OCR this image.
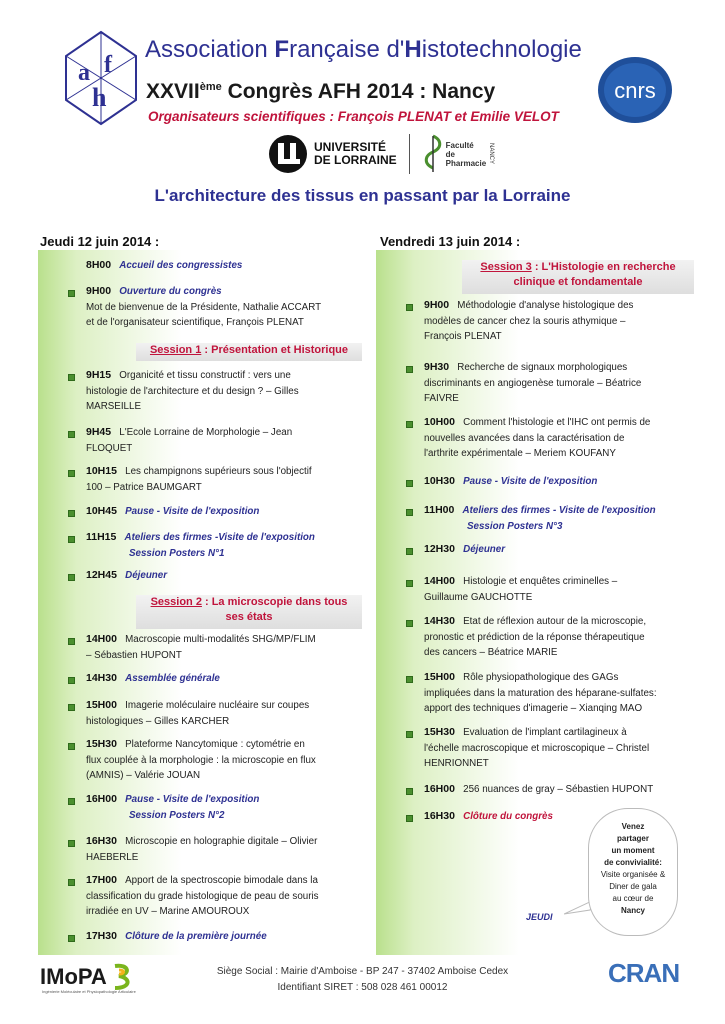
a f
h
Association Française d'Histotechnologie
XXVIIème Congrès AFH 2014 : Nancy
Organisateurs scientifiques : François PLENAT et Emilie VELOT
cnrs
UNIVERSITÉ
DE LORRAINE
Faculté
de
Pharmacie NANCY
L'architecture des tissus en passant par la Lorraine
Jeudi 12 juin 2014 :
8H00 Accueil des congressistes
9H00 Ouverture du congrès
Mot de bienvenue de la Présidente, Nathalie ACCART
et de l'organisateur scientifique, François PLENAT
Session 1 : Présentation et Historique
9H15 Organicité et tissu constructif : vers une
histologie de l'architecture et du design ? – Gilles
MARSEILLE
9H45 L'Ecole Lorraine de Morphologie – Jean
FLOQUET
10H15 Les champignons supérieurs sous l'objectif
100 – Patrice BAUMGART
10H45 Pause - Visite de l'exposition
11H15 Ateliers des firmes -Visite de l'exposition
Session Posters N°1
12H45 Déjeuner
Session 2 : La microscopie dans tous
ses états
14H00 Macroscopie multi-modalités SHG/MP/FLIM
– Sébastien HUPONT
14H30 Assemblée générale
15H00 Imagerie moléculaire nucléaire sur coupes
histologiques – Gilles KARCHER
15H30 Plateforme Nancytomique : cytométrie en
flux couplée à la morphologie : la microscopie en flux
(AMNIS) – Valérie JOUAN
16H00 Pause - Visite de l'exposition
Session Posters N°2
16H30 Microscopie en holographie digitale – Olivier
HAEBERLE
17H00 Apport de la spectroscopie bimodale dans la
classification du grade histologique de peau de souris
irradiée en UV – Marine AMOUROUX
17H30 Clôture de la première journée
Vendredi 13 juin 2014 :
Session 3 : L'Histologie en recherche
clinique et fondamentale
9H00 Méthodologie d'analyse histologique des
modèles de cancer chez la souris athymique –
François PLENAT
9H30 Recherche de signaux morphologiques
discriminants en angiogenèse tumorale – Béatrice
FAIVRE
10H00 Comment l'histologie et l'IHC ont permis de
nouvelles avancées dans la caractérisation de
l'arthrite expérimentale – Meriem KOUFANY
10H30 Pause - Visite de l'exposition
11H00 Ateliers des firmes - Visite de l'exposition
Session Posters N°3
12H30 Déjeuner
14H00 Histologie et enquêtes criminelles –
Guillaume GAUCHOTTE
14H30 Etat de réflexion autour de la microscopie,
pronostic et prédiction de la réponse thérapeutique
des cancers – Béatrice MARIE
15H00 Rôle physiopathologique des GAGs
impliquées dans la maturation des héparane-sulfates:
apport des techniques d'imagerie – Xianqing MAO
15H30 Evaluation de l'implant cartilagineux à
l'échelle macroscopique et microscopique – Christel
HENRIONNET
16H00 256 nuances de gray – Sébastien HUPONT
16H30 Clôture du congrès
Venez
partager
un moment
de convivialité:
Visite organisée &
Diner de gala
au cœur de
Nancy
JEUDI
IMoPA
Ingénierie Moléculaire et Physiopathologie Articulaire
Siège Social : Mairie d'Amboise - BP 247 - 37402 Amboise Cedex
Identifiant SIRET : 508 028 461 00012	CRAN
